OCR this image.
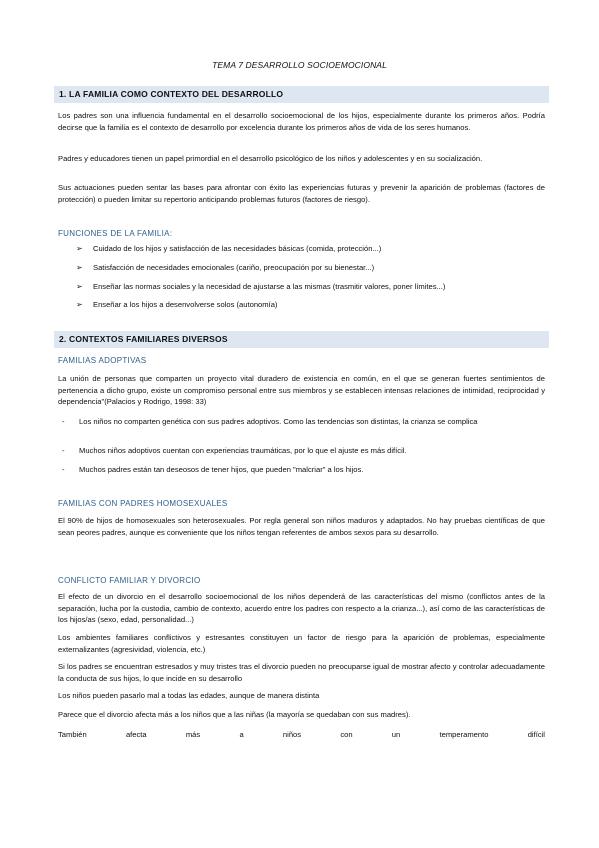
TEMA 7 DESARROLLO SOCIOEMOCIONAL
1. LA FAMILIA COMO CONTEXTO DEL DESARROLLO

Los padres son una influencia fundamental en el desarrollo socioemocional de los hijos, especialmente durante los primeros años. Podría decirse que la familia es el contexto de desarrollo por excelencia durante los primeros años de vida de los seres humanos.

Padres y educadores tienen un papel primordial en el desarrollo psicológico de los niños y adolescentes y en su socialización.

Sus actuaciones pueden sentar las bases para afrontar con éxito las experiencias futuras y prevenir la aparición de problemas (factores de protección) o pueden limitar su repertorio anticipando problemas futuros (factores de riesgo).

FUNCIONES DE LA FAMILIA:
➢ Cuidado de los hijos y satisfacción de las necesidades básicas (comida, protección...)

➢ Satisfacción de necesidades emocionales (cariño, preocupación por su bienestar...)

➢ Enseñar las normas sociales y la necesidad de ajustarse a las mismas (trasmitir valores, poner límites...)

➢ Enseñar a los hijos a desenvolverse solos (autonomía)

2. CONTEXTOS FAMILIARES DIVERSOS
FAMILIAS ADOPTIVAS

La unión de personas que comparten un proyecto vital duradero de existencia en común, en el que se generan fuertes sentimientos de pertenencia a dicho grupo, existe un compromiso personal entre sus miembros y se establecen intensas relaciones de intimidad, reciprocidad y dependencia"(Palacios y Rodrigo, 1998: 33)

- Los niños no comparten genética con sus padres adoptivos. Como las tendencias son distintas, la crianza se complica

- Muchos niños adoptivos cuentan con experiencias traumáticas, por lo que el ajuste es más difícil.

- Muchos padres están tan deseosos de tener hijos, que pueden "malcriar" a los hijos.

FAMILIAS CON PADRES HOMOSEXUALES

El 90% de hijos de homosexuales son heterosexuales. Por regla general son niños maduros y adaptados. No hay pruebas científicas de que sean peores padres, aunque es conveniente que los niños tengan referentes de ambos sexos para su desarrollo.

CONFLICTO FAMILIAR Y DIVORCIO

El efecto de un divorcio en el desarrollo socioemocional de los niños dependerá de las características del mismo (conflictos antes de la separación, lucha por la custodia, cambio de contexto, acuerdo entre los padres con respecto a la crianza...), así como de las características de los hijos/as (sexo, edad, personalidad...)

Los ambientes familiares conflictivos y estresantes constituyen un factor de riesgo para la aparición de problemas, especialmente externalizantes (agresividad, violencia, etc.)

Si los padres se encuentran estresados y muy tristes tras el divorcio pueden no preocuparse igual de mostrar afecto y controlar adecuadamente la conducta de sus hijos, lo que incide en su desarrollo

Los niños pueden pasarlo mal a todas las edades, aunque de manera distinta

Parece que el divorcio afecta más a los niños que a las niñas (la mayoría se quedaban con sus madres).

También	afecta	más	a	niños	con	un	temperamento	difícil
